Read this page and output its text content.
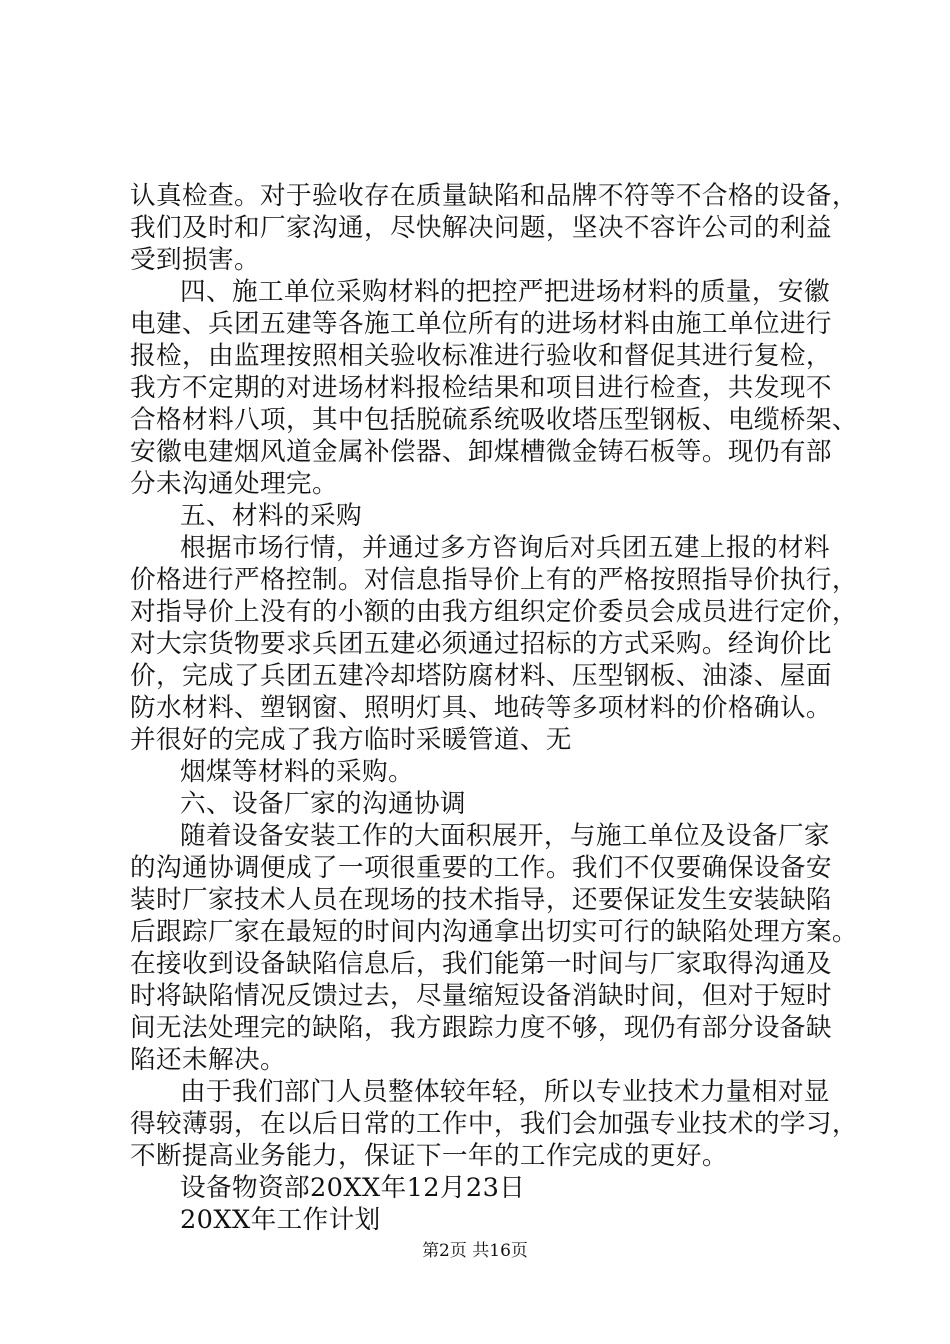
认真检查。对于验收存在质量缺陷和品牌不符等不合格的设备，
我们及时和厂家沟通，尽快解决问题，坚决不容许公司的利益
受到损害。
四、施工单位采购材料的把控严把进场材料的质量，安徽
电建、兵团五建等各施工单位所有的进场材料由施工单位进行
报检，由监理按照相关验收标准进行验收和督促其进行复检，
我方不定期的对进场材料报检结果和项目进行检查，共发现不
合格材料八项，其中包括脱硫系统吸收塔压型钢板、电缆桥架、
安徽电建烟风道金属补偿器、卸煤槽微金铸石板等。现仍有部
分未沟通处理完。
五、材料的采购
根据市场行情，并通过多方咨询后对兵团五建上报的材料
价格进行严格控制。对信息指导价上有的严格按照指导价执行，
对指导价上没有的小额的由我方组织定价委员会成员进行定价，
对大宗货物要求兵团五建必须通过招标的方式采购。经询价比
价，完成了兵团五建冷却塔防腐材料、压型钢板、油漆、屋面
防水材料、塑钢窗、照明灯具、地砖等多项材料的价格确认。
并很好的完成了我方临时采暖管道、无
烟煤等材料的采购。
六、设备厂家的沟通协调
随着设备安装工作的大面积展开，与施工单位及设备厂家
的沟通协调便成了一项很重要的工作。我们不仅要确保设备安
装时厂家技术人员在现场的技术指导，还要保证发生安装缺陷
后跟踪厂家在最短的时间内沟通拿出切实可行的缺陷处理方案。
在接收到设备缺陷信息后，我们能第一时间与厂家取得沟通及
时将缺陷情况反馈过去，尽量缩短设备消缺时间，但对于短时
间无法处理完的缺陷，我方跟踪力度不够，现仍有部分设备缺
陷还未解决。
由于我们部门人员整体较年轻，所以专业技术力量相对显
得较薄弱，在以后日常的工作中，我们会加强专业技术的学习，
不断提高业务能力，保证下一年的工作完成的更好。
设备物资部20XX年12月23日
20XX年工作计划
第2页 共16页
